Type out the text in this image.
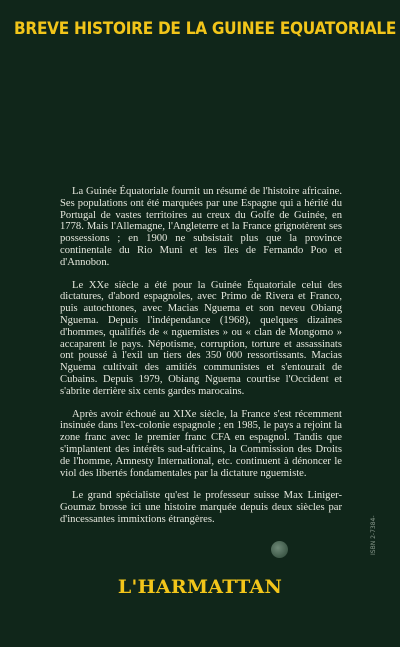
BREVE HISTOIRE DE LA GUINEE EQUATORIALE

La Guinée Équatoriale fournit un résumé de l'histoire africaine. Ses populations ont été marquées par une Espagne qui a hérité du Portugal de vastes territoires au creux du Golfe de Guinée, en 1778. Mais l'Allemagne, l'Angleterre et la France grignotèrent ses possessions ; en 1900 ne subsistait plus que la province continentale du Rio Muni et les îles de Fernando Poo et d'Annobon.

Le XXe siècle a été pour la Guinée Équatoriale celui des dictatures, d'abord espagnoles, avec Primo de Rivera et Franco, puis autochtones, avec Macias Nguema et son neveu Obiang Nguema. Depuis l'indépendance (1968), quelques dizaines d'hommes, qualifiés de « nguemistes » ou « clan de Mongomo » accaparent le pays. Népotisme, corruption, torture et assassinats ont poussé à l'exil un tiers des 350 000 ressortissants. Macias Nguema cultivait des amitiés communistes et s'entourait de Cubains. Depuis 1979, Obiang Nguema courtise l'Occident et s'abrite derrière six cents gardes marocains.

Après avoir échoué au XIXe siècle, la France s'est récemment insinuée dans l'ex-colonie espagnole ; en 1985, le pays a rejoint la zone franc avec le premier franc CFA en espagnol. Tandis que s'implantent des intérêts sud-africains, la Commission des Droits de l'homme, Amnesty International, etc. continuent à dénoncer le viol des libertés fondamentales par la dictature nguemiste.

Le grand spécialiste qu'est le professeur suisse Max Liniger-Goumaz brosse ici une histoire marquée depuis deux siècles par d'incessantes immixtions étrangères.

L'HARMATTAN
ISBN 2-7384-
